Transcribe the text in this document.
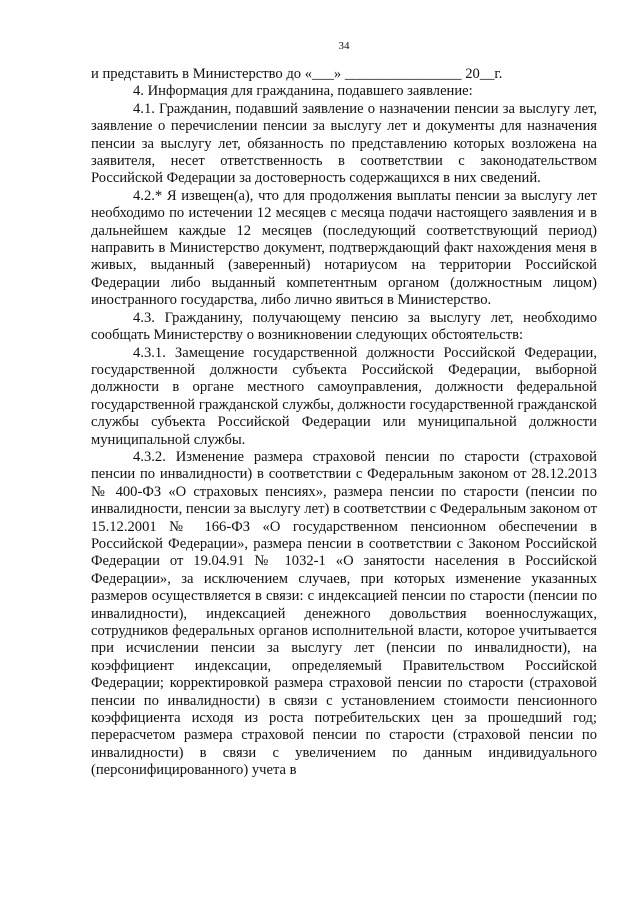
34

и представить в Министерство до «___» ________________ 20__г.

4. Информация для гражданина, подавшего заявление:

4.1. Гражданин, подавший заявление о назначении пенсии за выслугу лет, заявление о перечислении пенсии за выслугу лет и документы для назначения пенсии за выслугу лет, обязанность по представлению которых возложена на заявителя, несет ответственность в соответствии с законодательством Российской Федерации за достоверность содержащихся в них сведений.

4.2.* Я извещен(а), что для продолжения выплаты пенсии за выслугу лет необходимо по истечении 12 месяцев с месяца подачи настоящего заявления и в дальнейшем каждые 12 месяцев (последующий соответствующий период) направить в Министерство документ, подтверждающий факт нахождения меня в живых, выданный (заверенный) нотариусом на территории Российской Федерации либо выданный компетентным органом (должностным лицом) иностранного государства, либо лично явиться в Министерство.

4.3. Гражданину, получающему пенсию за выслугу лет, необходимо сообщать Министерству о возникновении следующих обстоятельств:

4.3.1. Замещение государственной должности Российской Федерации, государственной должности субъекта Российской Федерации, выборной должности в органе местного самоуправления, должности федеральной государственной гражданской службы, должности государственной гражданской службы субъекта Российской Федерации или муниципальной должности муниципальной службы.

4.3.2. Изменение размера страховой пенсии по старости (страховой пенсии по инвалидности) в соответствии с Федеральным законом от 28.12.2013 № 400-ФЗ «О страховых пенсиях», размера пенсии по старости (пенсии по инвалидности, пенсии за выслугу лет) в соответствии с Федеральным законом от 15.12.2001 № 166-ФЗ «О государственном пенсионном обеспечении в Российской Федерации», размера пенсии в соответствии с Законом Российской Федерации от 19.04.91 № 1032-1 «О занятости населения в Российской Федерации», за исключением случаев, при которых изменение указанных размеров осуществляется в связи: с индексацией пенсии по старости (пенсии по инвалидности), индексацией денежного довольствия военнослужащих, сотрудников федеральных органов исполнительной власти, которое учитывается при исчислении пенсии за выслугу лет (пенсии по инвалидности), на коэффициент индексации, определяемый Правительством Российской Федерации; корректировкой размера страховой пенсии по старости (страховой пенсии по инвалидности) в связи с установлением стоимости пенсионного коэффициента исходя из роста потребительских цен за прошедший год; перерасчетом размера страховой пенсии по старости (страховой пенсии по инвалидности) в связи с увеличением по данным индивидуального (персонифицированного) учета в
